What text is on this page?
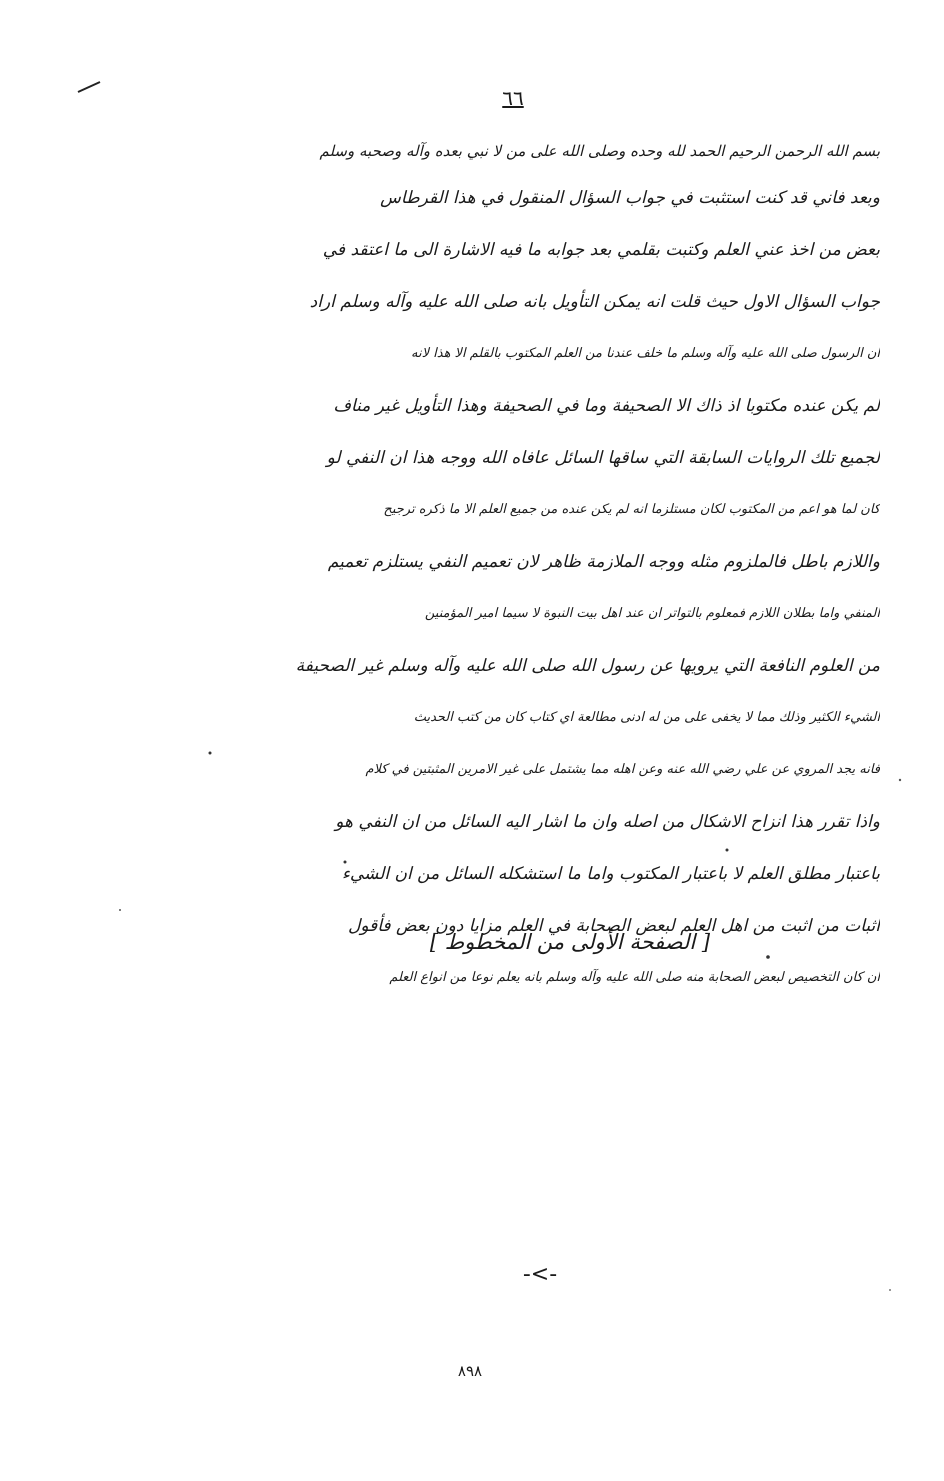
٦٦
بسم الله الرحمن الرحيم الحمد لله وحده وصلى الله على من لا نبي بعده وآله وصحبه وسلم
وبعد فاني قد كنت استثبت في جواب السؤال المنقول في هذا القرطاس
بعض من اخذ عني العلم وكتبت بقلمي بعد جوابه ما فيه الاشارة الى ما اعتقد في
جواب السؤال الاول حيث قلت انه يمكن التأويل بانه صلى الله عليه وآله وسلم اراد
ان الرسول صلى الله عليه وآله وسلم ما خلف عندنا من العلم المكتوب بالقلم الا هذا لانه
لم يكن عنده مكتوبا اذ ذاك الا الصحيفة وما في الصحيفة وهذا التأويل غير مناف
لجميع تلك الروايات السابقة التي ساقها السائل عافاه الله ووجه هذا ان النفي لو
كان لما هو اعم من المكتوب لكان مستلزما انه لم يكن عنده من جميع العلم الا ما ذكره ترجيح
واللازم باطل فالملزوم مثله ووجه الملازمة ظاهر لان تعميم النفي يستلزم تعميم
المنفي واما بطلان اللازم فمعلوم بالتواتر ان عند اهل بيت النبوة لا سيما امير المؤمنين
من العلوم النافعة التي يرويها عن رسول الله صلى الله عليه وآله وسلم غير الصحيفة
الشيء الكثير وذلك مما لا يخفى على من له ادنى مطالعة اي كتاب كان من كتب الحديث
فانه يجد المروي عن علي رضي الله عنه وعن اهله مما يشتمل على غير الامرين المثبتين في كلام
واذا تقرر هذا انزاح الاشكال من اصله وان ما اشار اليه السائل من ان النفي هو
باعتبار مطلق العلم لا باعتبار المكتوب واما ما استشكله السائل من ان الشيء
اثبات من اثبت من اهل العلم لبعض الصحابة في العلم مزايا دون بعض فأقول
ان كان التخصيص لبعض الصحابة منه صلى الله عليه وآله وسلم بانه يعلم نوعا من انواع العلم
[ الصفحة الأولى من المخطوط ]
-<-
٨٩٨
